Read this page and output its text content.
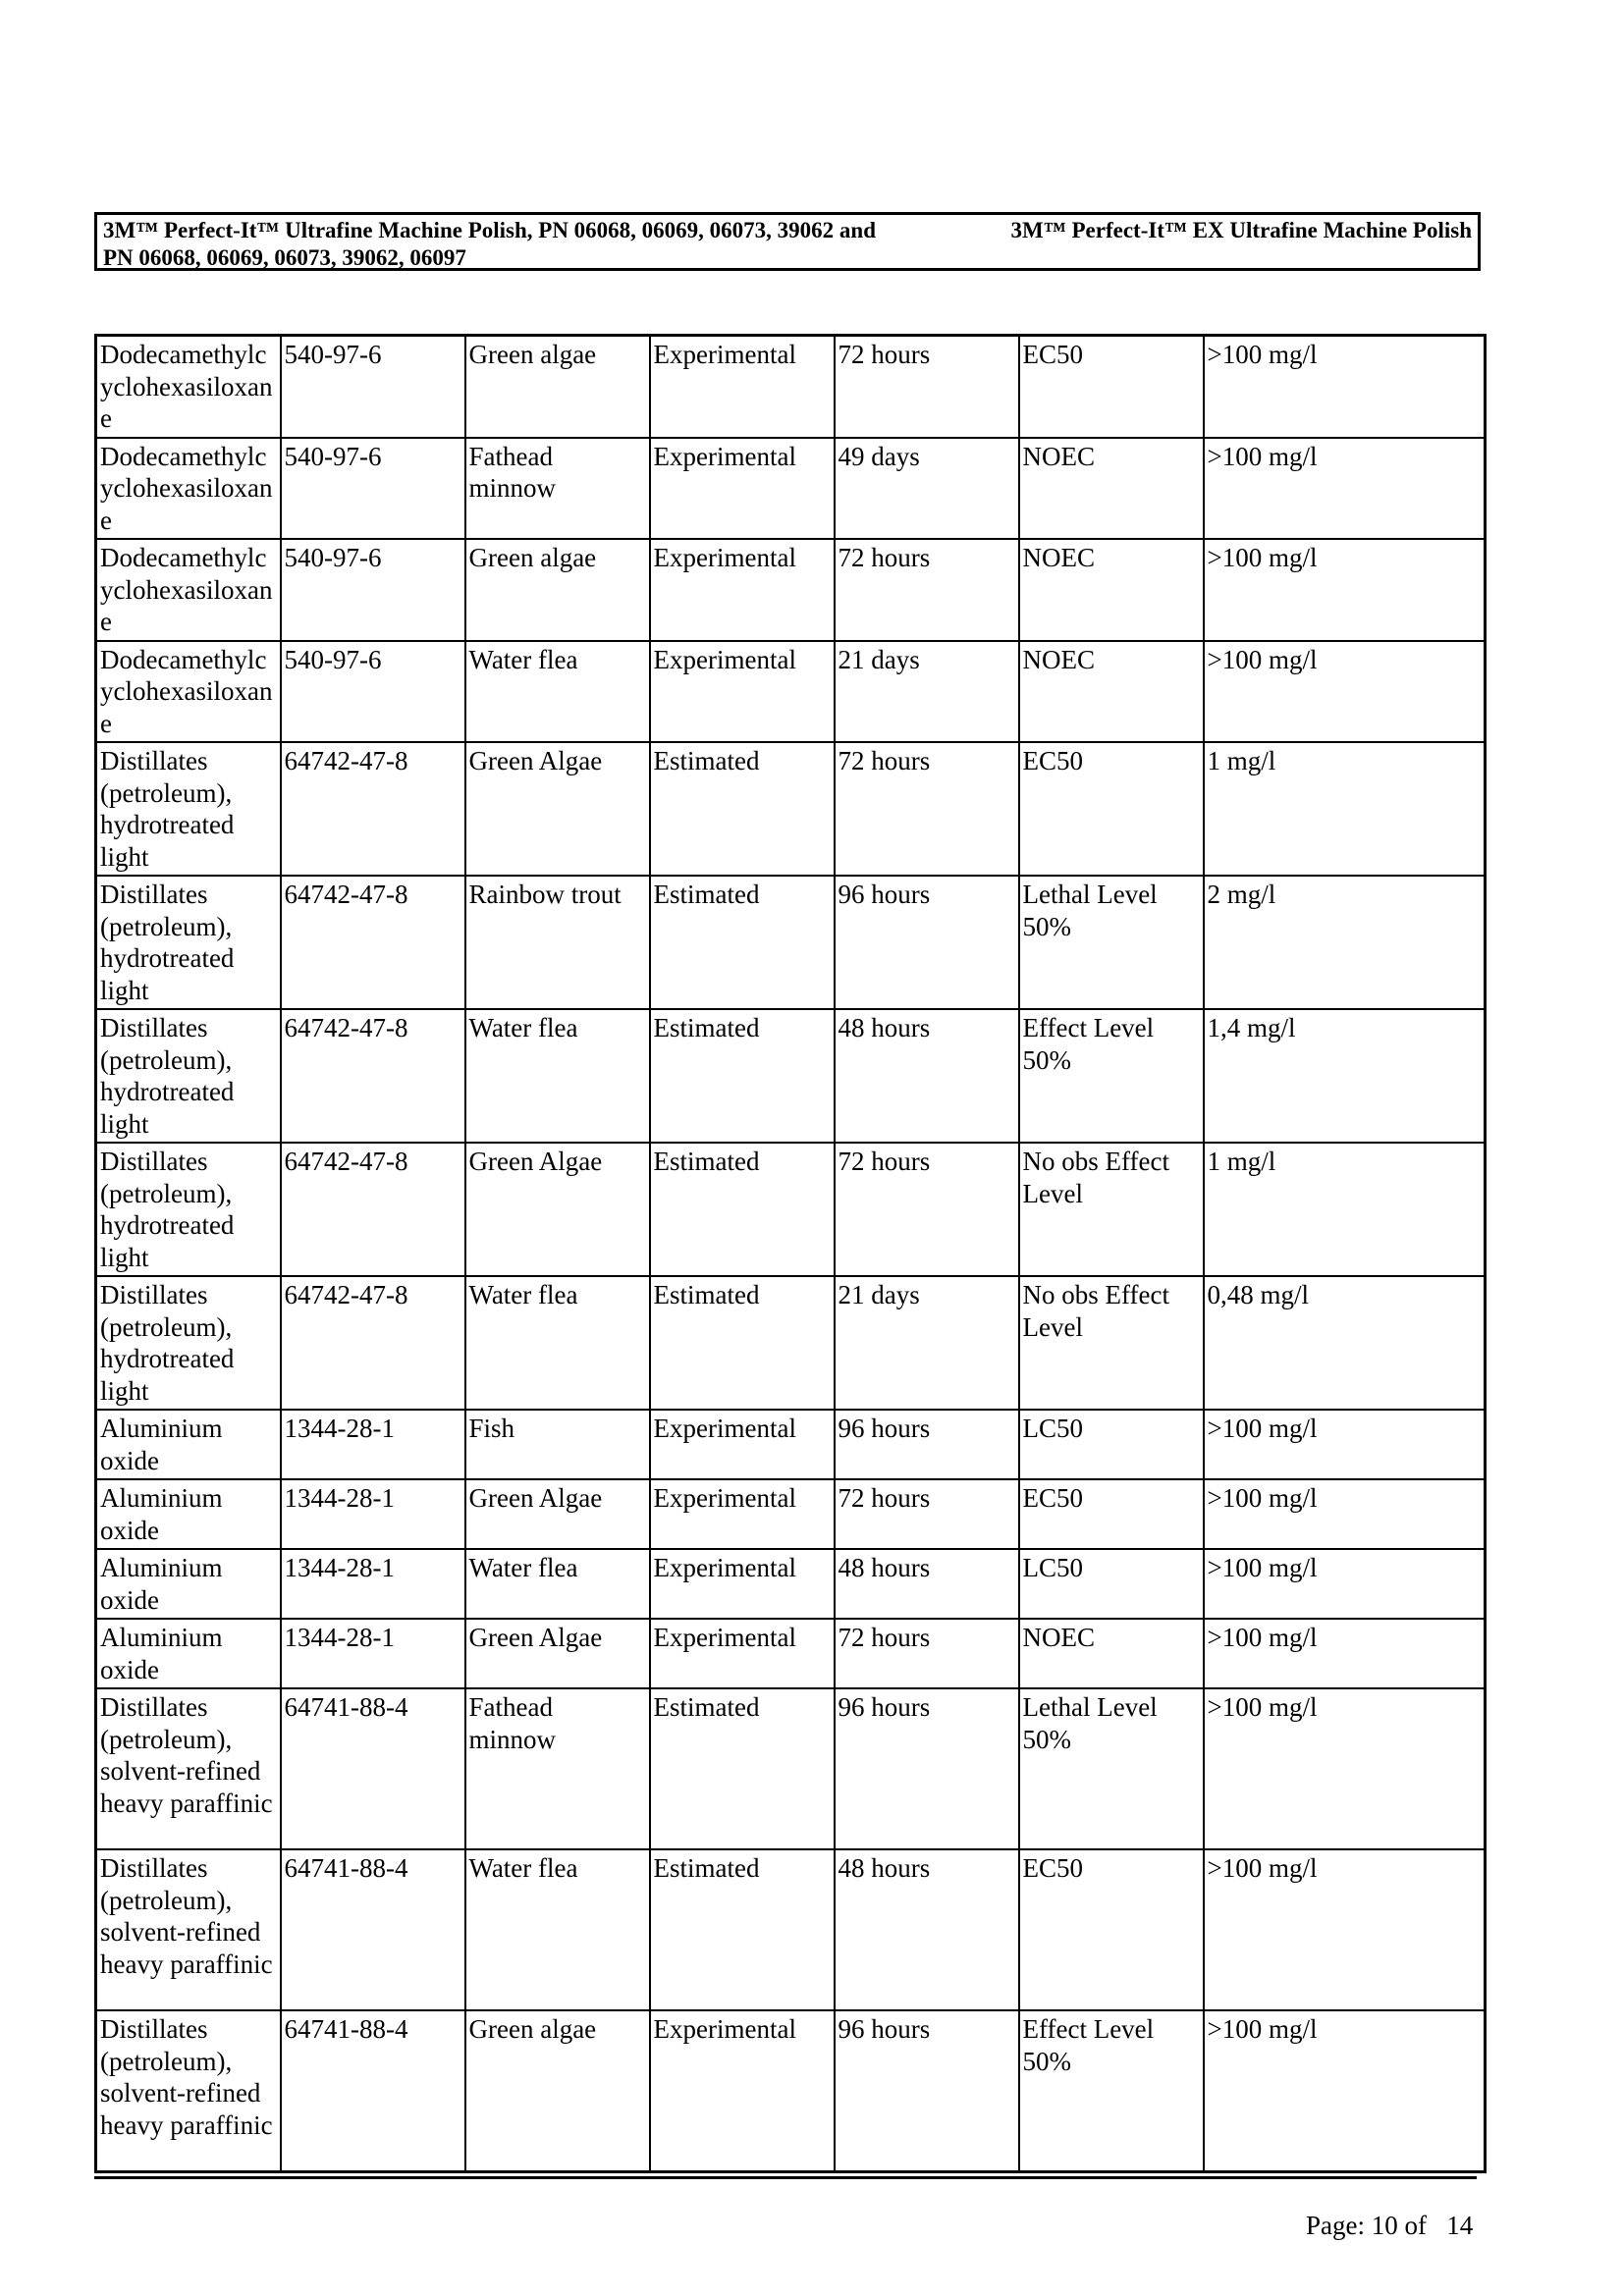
3M™ Perfect-It™ Ultrafine Machine Polish, PN 06068, 06069, 06073, 39062 and	3M™ Perfect-It™ EX Ultrafine Machine Polish
PN 06068, 06069, 06073, 39062, 06097
Dodecamethylcyclohexasiloxane	540-97-6	Green algae	Experimental	72 hours	EC50	>100 mg/l
Dodecamethylcyclohexasiloxane	540-97-6	Fathead minnow	Experimental	49 days	NOEC	>100 mg/l
Dodecamethylcyclohexasiloxane	540-97-6	Green algae	Experimental	72 hours	NOEC	>100 mg/l
Dodecamethylcyclohexasiloxane	540-97-6	Water flea	Experimental	21 days	NOEC	>100 mg/l
Distillates (petroleum), hydrotreated light	64742-47-8	Green Algae	Estimated	72 hours	EC50	1 mg/l
Distillates (petroleum), hydrotreated light	64742-47-8	Rainbow trout	Estimated	96 hours	Lethal Level 50%	2 mg/l
Distillates (petroleum), hydrotreated light	64742-47-8	Water flea	Estimated	48 hours	Effect Level 50%	1,4 mg/l
Distillates (petroleum), hydrotreated light	64742-47-8	Green Algae	Estimated	72 hours	No obs Effect Level	1 mg/l
Distillates (petroleum), hydrotreated light	64742-47-8	Water flea	Estimated	21 days	No obs Effect Level	0,48 mg/l
Aluminium oxide	1344-28-1	Fish	Experimental	96 hours	LC50	>100 mg/l
Aluminium oxide	1344-28-1	Green Algae	Experimental	72 hours	EC50	>100 mg/l
Aluminium oxide	1344-28-1	Water flea	Experimental	48 hours	LC50	>100 mg/l
Aluminium oxide	1344-28-1	Green Algae	Experimental	72 hours	NOEC	>100 mg/l
Distillates (petroleum), solvent-refined heavy paraffinic	64741-88-4	Fathead minnow	Estimated	96 hours	Lethal Level 50%	>100 mg/l
Distillates (petroleum), solvent-refined heavy paraffinic	64741-88-4	Water flea	Estimated	48 hours	EC50	>100 mg/l
Distillates (petroleum), solvent-refined heavy paraffinic	64741-88-4	Green algae	Experimental	96 hours	Effect Level 50%	>100 mg/l
Page: 10 of 14
